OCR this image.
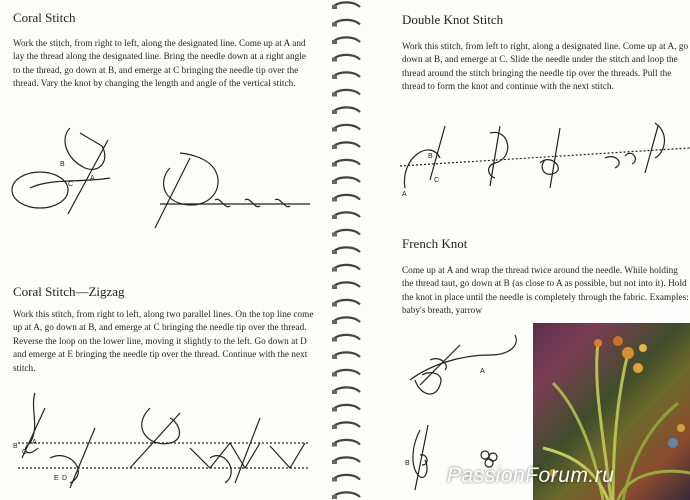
Coral Stitch

Work the stitch, from right to left, along the designated line. Come up at A and lay the thread along the designated line. Bring the needle down at a right angle to the thread, go down at B, and emerge at C bringing the needle tip over the thread. Vary the knot by changing the length and angle of the vertical stitch.

B
C
A
Coral Stitch—Zigzag

Work this stitch, from right to left, along two parallel lines. On the top line come up at A, go down at B, and emerge at C bringing the needle tip over the thread. Reverse the loop on the lower line, moving it slightly to the left. Go down at D and emerge at E bringing the needle tip over the thread. Continue with the next stitch.

B
A
C
E D
Double Knot Stitch

Work this stitch, from left to right, along a designated line. Come up at A, go down at B, and emerge at C. Slide the needle under the stitch and loop the thread around the stitch bringing the needle tip over the threads. Pull the thread to form the knot and continue with the next stitch.

A
B
C
French Knot

Come up at A and wrap the thread twice around the needle. While holding the thread taut, go down at B (as close to A as possible, but not into it). Hold the knot in place until the needle is completely through the fabric. Examples: baby's breath, yarrow

A
B
PassionForum.ru
